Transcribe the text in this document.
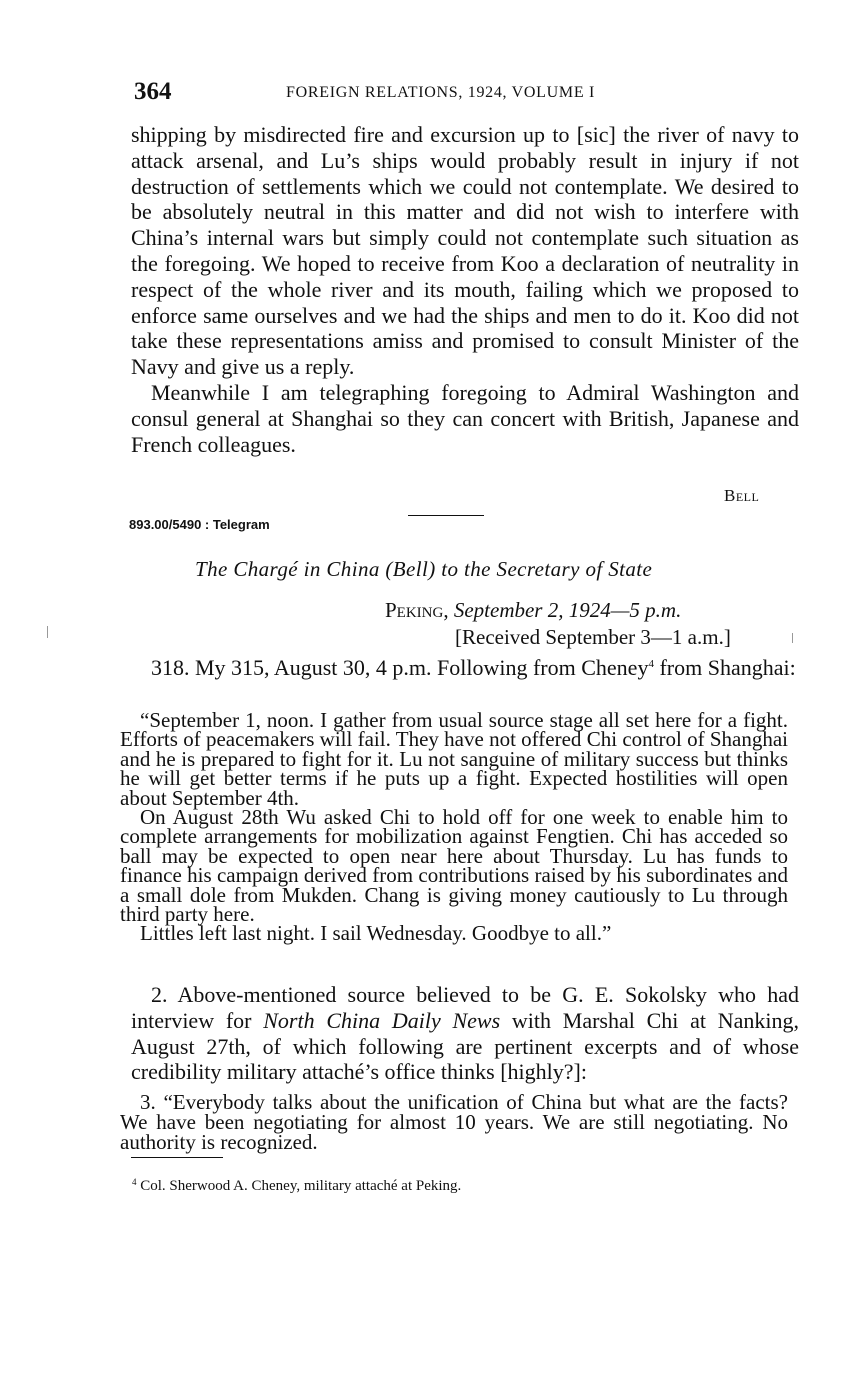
364	FOREIGN RELATIONS, 1924, VOLUME I

shipping by misdirected fire and excursion up to [sic] the river of navy to attack arsenal, and Lu’s ships would probably result in injury if not destruction of settlements which we could not contemplate. We desired to be absolutely neutral in this matter and did not wish to interfere with China’s internal wars but simply could not contemplate such situation as the foregoing. We hoped to receive from Koo a declaration of neutrality in respect of the whole river and its mouth, failing which we proposed to enforce same ourselves and we had the ships and men to do it. Koo did not take these representations amiss and promised to consult Minister of the Navy and give us a reply.

Meanwhile I am telegraphing foregoing to Admiral Washington and consul general at Shanghai so they can concert with British, Japanese and French colleagues.

Bell
893.00/5490 : Telegram
The Chargé in China (Bell) to the Secretary of State
Peking, September 2, 1924—5 p.m.
[Received September 3—1 a.m.]

318. My 315, August 30, 4 p.m. Following from Cheney$^4$ from Shanghai:

“September 1, noon. I gather from usual source stage all set here for a fight. Efforts of peacemakers will fail. They have not offered Chi control of Shanghai and he is prepared to fight for it. Lu not sanguine of military success but thinks he will get better terms if he puts up a fight. Expected hostilities will open about September 4th.

On August 28th Wu asked Chi to hold off for one week to enable him to complete arrangements for mobilization against Fengtien. Chi has acceded so ball may be expected to open near here about Thursday. Lu has funds to finance his campaign derived from contributions raised by his subordinates and a small dole from Mukden. Chang is giving money cautiously to Lu through third party here.

Littles left last night. I sail Wednesday. Goodbye to all.”

2. Above-mentioned source believed to be G. E. Sokolsky who had interview for North China Daily News with Marshal Chi at Nanking, August 27th, of which following are pertinent excerpts and of whose credibility military attaché’s office thinks [highly?]:

3. “Everybody talks about the unification of China but what are the facts? We have been negotiating for almost 10 years. We are still negotiating. No authority is recognized.

$^4$ Col. Sherwood A. Cheney, military attaché at Peking.
